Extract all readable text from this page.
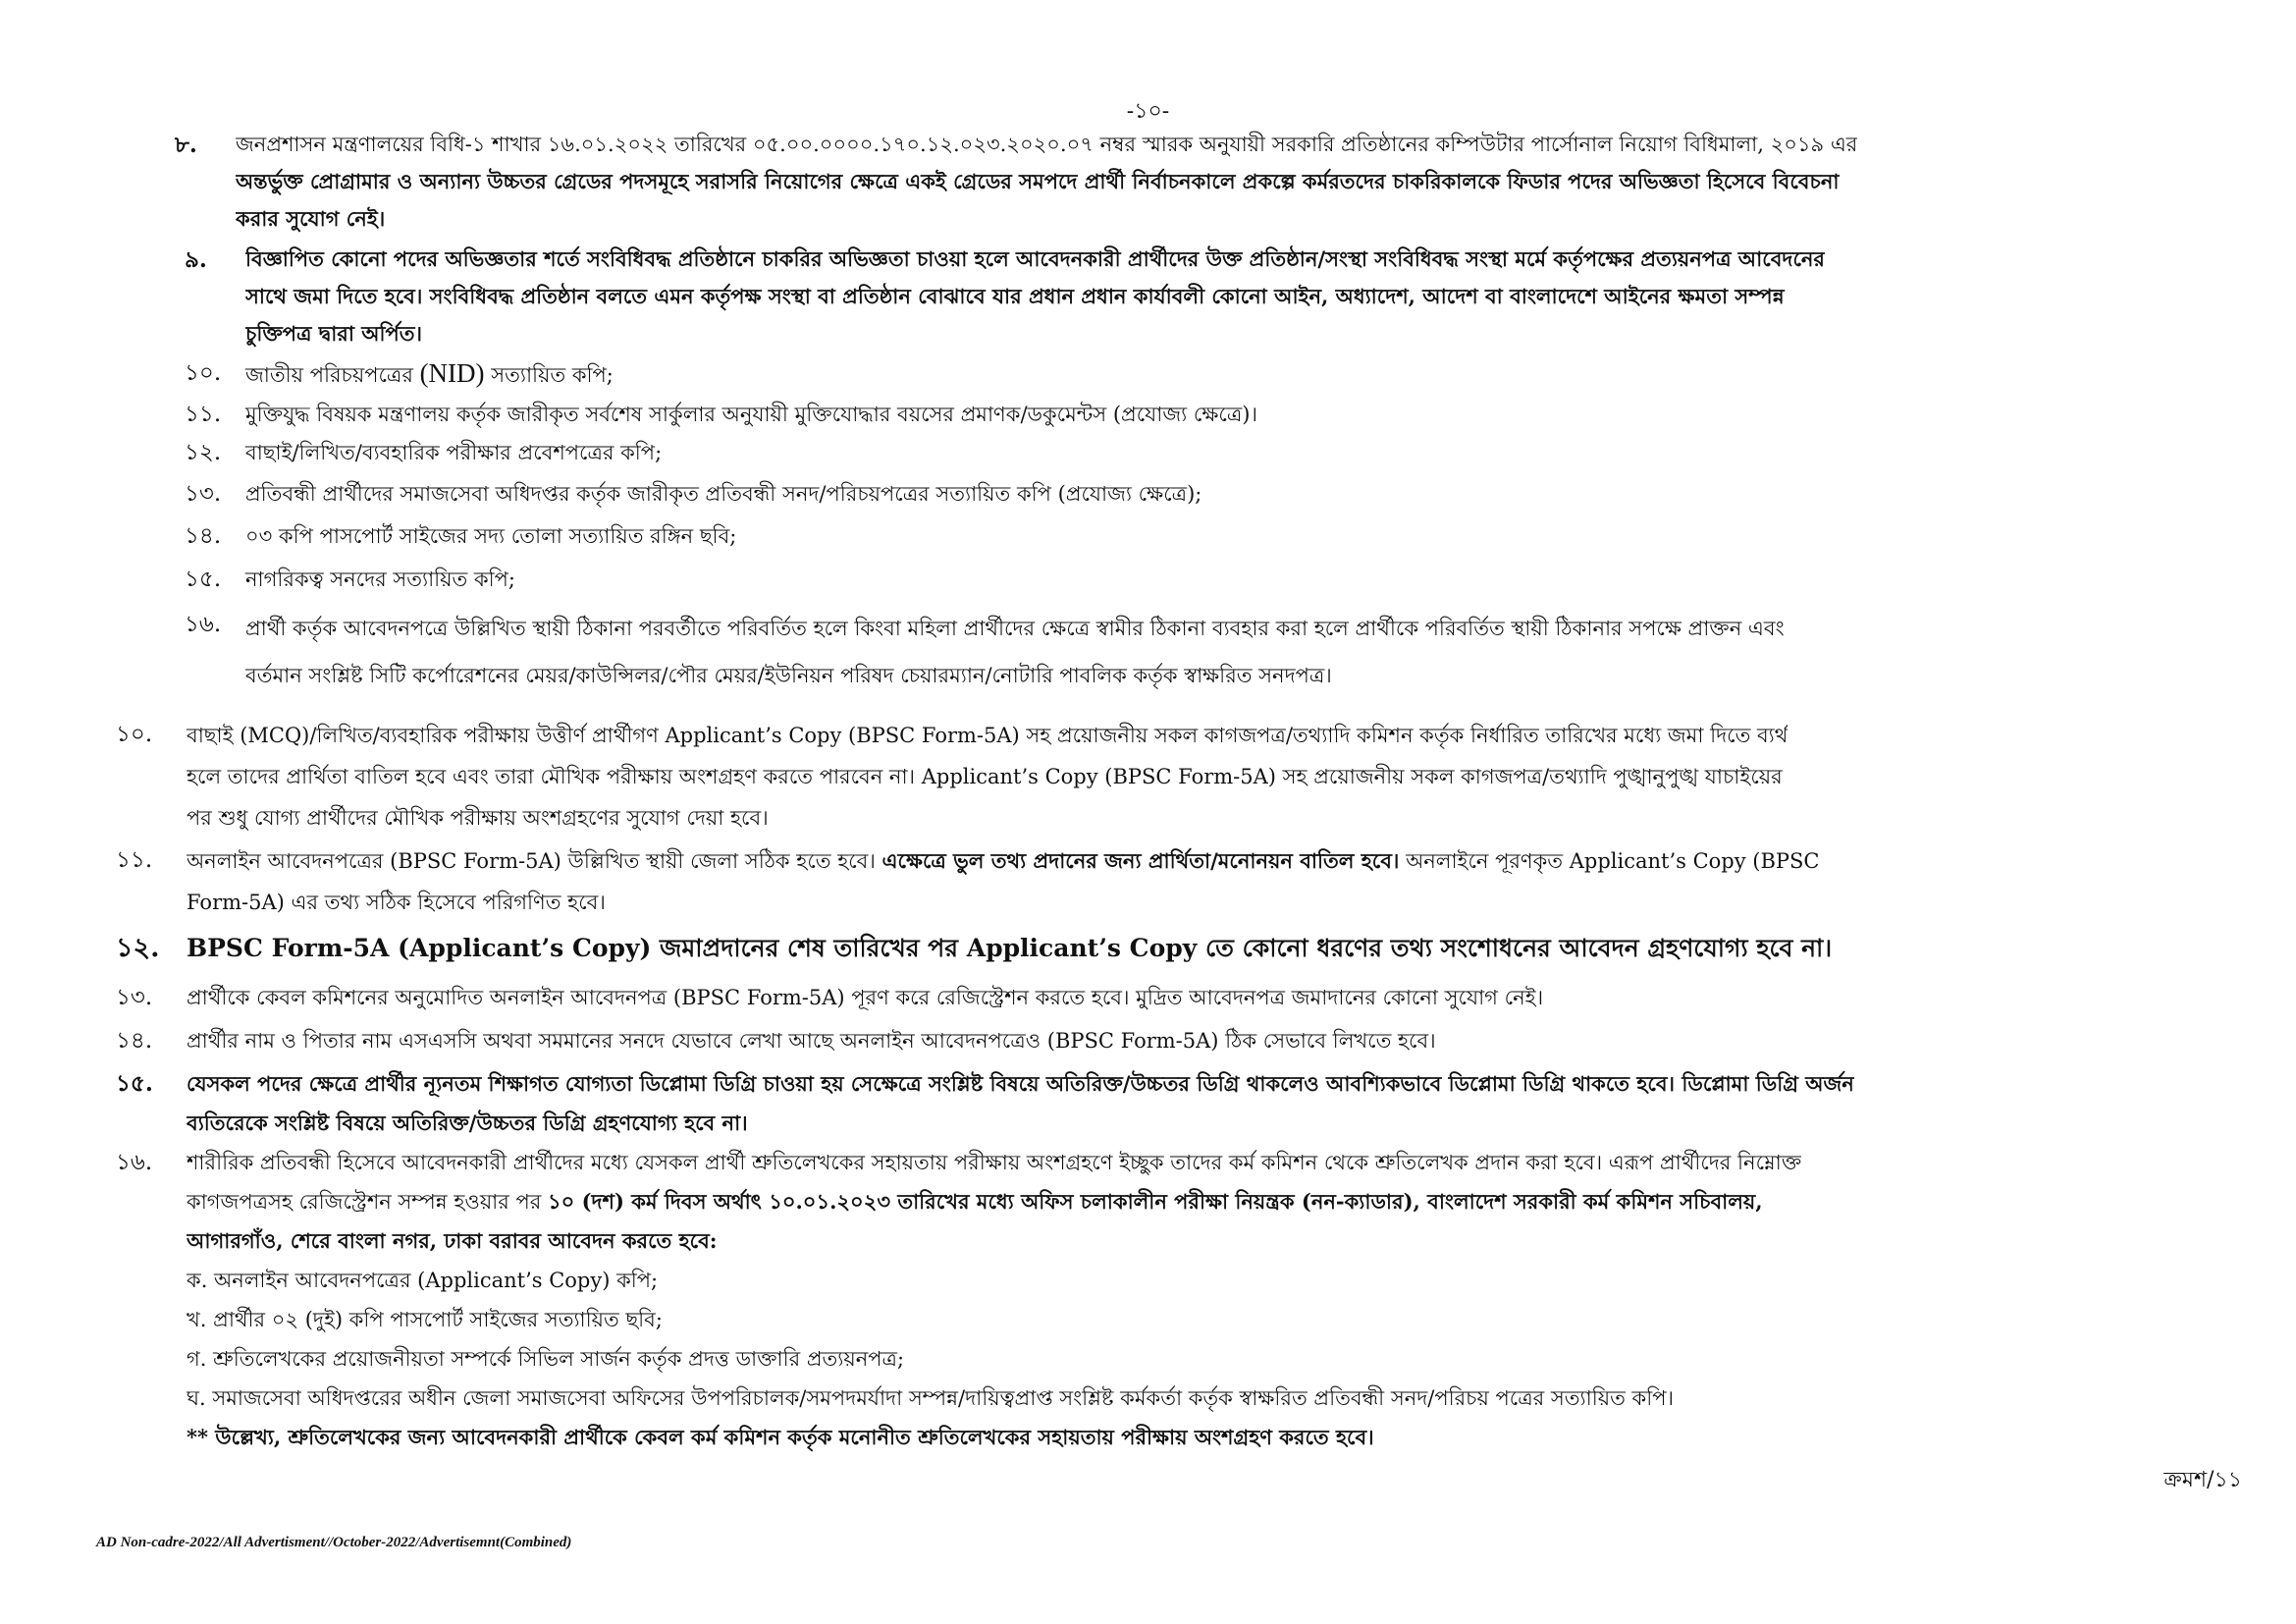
-১০-
৮. জনপ্রশাসন মন্ত্রণালয়ের বিধি-১ শাখার ১৬.০১.২০২২ তারিখের ০৫.০০.০০০০.১৭০.১২.০২৩.২০২০.০৭ নম্বর স্মারক অনুযায়ী সরকারি প্রতিষ্ঠানের কম্পিউটার পার্সোনাল নিয়োগ বিধিমালা, ২০১৯ এর
অন্তর্ভুক্ত প্রোগ্রামার ও অন্যান্য উচ্চতর গ্রেডের পদসমূহে সরাসরি নিয়োগের ক্ষেত্রে একই গ্রেডের সমপদে প্রার্থী নির্বাচনকালে প্রকল্পে কর্মরতদের চাকরিকালকে ফিডার পদের অভিজ্ঞতা হিসেবে বিবেচনা
করার সুযোগ নেই।
৯. বিজ্ঞাপিত কোনো পদের অভিজ্ঞতার শর্তে সংবিধিবদ্ধ প্রতিষ্ঠানে চাকরির অভিজ্ঞতা চাওয়া হলে আবেদনকারী প্রার্থীদের উক্ত প্রতিষ্ঠান/সংস্থা সংবিধিবদ্ধ সংস্থা মর্মে কর্তৃপক্ষের প্রত্যয়নপত্র আবেদনের
সাথে জমা দিতে হবে। সংবিধিবদ্ধ প্রতিষ্ঠান বলতে এমন কর্তৃপক্ষ সংস্থা বা প্রতিষ্ঠান বোঝাবে যার প্রধান প্রধান কার্যাবলী কোনো আইন, অধ্যাদেশ, আদেশ বা বাংলাদেশে আইনের ক্ষমতা সম্পন্ন
চুক্তিপত্র দ্বারা অর্পিত।
১০. জাতীয় পরিচয়পত্রের (NID) সত্যায়িত কপি;
১১. মুক্তিযুদ্ধ বিষয়ক মন্ত্রণালয় কর্তৃক জারীকৃত সর্বশেষ সার্কুলার অনুযায়ী মুক্তিযোদ্ধার বয়সের প্রমাণক/ডকুমেন্টস (প্রযোজ্য ক্ষেত্রে)।
১২. বাছাই/লিখিত/ব্যবহারিক পরীক্ষার প্রবেশপত্রের কপি;
১৩. প্রতিবন্ধী প্রার্থীদের সমাজসেবা অধিদপ্তর কর্তৃক জারীকৃত প্রতিবন্ধী সনদ/পরিচয়পত্রের সত্যায়িত কপি (প্রযোজ্য ক্ষেত্রে);
১৪. ০৩ কপি পাসপোর্ট সাইজের সদ্য তোলা সত্যায়িত রঙ্গিন ছবি;
১৫. নাগরিকত্ব সনদের সত্যায়িত কপি;
১৬. প্রার্থী কর্তৃক আবেদনপত্রে উল্লিখিত স্থায়ী ঠিকানা পরবর্তীতে পরিবর্তিত হলে কিংবা মহিলা প্রার্থীদের ক্ষেত্রে স্বামীর ঠিকানা ব্যবহার করা হলে প্রার্থীকে পরিবর্তিত স্থায়ী ঠিকানার সপক্ষে প্রাক্তন এবং
বর্তমান সংশ্লিষ্ট সিটি কর্পোরেশনের মেয়র/কাউন্সিলর/পৌর মেয়র/ইউনিয়ন পরিষদ চেয়ারম্যান/নোটারি পাবলিক কর্তৃক স্বাক্ষরিত সনদপত্র।
১০. বাছাই (MCQ)/লিখিত/ব্যবহারিক পরীক্ষায় উত্তীর্ণ প্রার্থীগণ Applicant’s Copy (BPSC Form-5A) সহ প্রয়োজনীয় সকল কাগজপত্র/তথ্যাদি কমিশন কর্তৃক নির্ধারিত তারিখের মধ্যে জমা দিতে ব্যর্থ
হলে তাদের প্রার্থিতা বাতিল হবে এবং তারা মৌখিক পরীক্ষায় অংশগ্রহণ করতে পারবেন না। Applicant’s Copy (BPSC Form-5A) সহ প্রয়োজনীয় সকল কাগজপত্র/তথ্যাদি পুঙ্খানুপুঙ্খ যাচাইয়ের
পর শুধু যোগ্য প্রার্থীদের মৌখিক পরীক্ষায় অংশগ্রহণের সুযোগ দেয়া হবে।
১১. অনলাইন আবেদনপত্রের (BPSC Form-5A) উল্লিখিত স্থায়ী জেলা সঠিক হতে হবে। এক্ষেত্রে ভুল তথ্য প্রদানের জন্য প্রার্থিতা/মনোনয়ন বাতিল হবে। অনলাইনে পূরণকৃত Applicant’s Copy (BPSC
Form-5A) এর তথ্য সঠিক হিসেবে পরিগণিত হবে।
১২. BPSC Form-5A (Applicant’s Copy) জমাপ্রদানের শেষ তারিখের পর Applicant’s Copy তে কোনো ধরণের তথ্য সংশোধনের আবেদন গ্রহণযোগ্য হবে না।
১৩. প্রার্থীকে কেবল কমিশনের অনুমোদিত অনলাইন আবেদনপত্র (BPSC Form-5A) পূরণ করে রেজিস্ট্রেশন করতে হবে। মুদ্রিত আবেদনপত্র জমাদানের কোনো সুযোগ নেই।
১৪. প্রার্থীর নাম ও পিতার নাম এসএসসি অথবা সমমানের সনদে যেভাবে লেখা আছে অনলাইন আবেদনপত্রেও (BPSC Form-5A) ঠিক সেভাবে লিখতে হবে।
১৫. যেসকল পদের ক্ষেত্রে প্রার্থীর ন্যূনতম শিক্ষাগত যোগ্যতা ডিপ্লোমা ডিগ্রি চাওয়া হয় সেক্ষেত্রে সংশ্লিষ্ট বিষয়ে অতিরিক্ত/উচ্চতর ডিগ্রি থাকলেও আবশ্যিকভাবে ডিপ্লোমা ডিগ্রি থাকতে হবে। ডিপ্লোমা ডিগ্রি অর্জন
ব্যতিরেকে সংশ্লিষ্ট বিষয়ে অতিরিক্ত/উচ্চতর ডিগ্রি গ্রহণযোগ্য হবে না।
১৬. শারীরিক প্রতিবন্ধী হিসেবে আবেদনকারী প্রার্থীদের মধ্যে যেসকল প্রার্থী শ্রুতিলেখকের সহায়তায় পরীক্ষায় অংশগ্রহণে ইচ্ছুক তাদের কর্ম কমিশন থেকে শ্রুতিলেখক প্রদান করা হবে। এরূপ প্রার্থীদের নিম্নোক্ত
কাগজপত্রসহ রেজিস্ট্রেশন সম্পন্ন হওয়ার পর ১০ (দশ) কর্ম দিবস অর্থাৎ ১০.০১.২০২৩ তারিখের মধ্যে অফিস চলাকালীন পরীক্ষা নিয়ন্ত্রক (নন-ক্যাডার), বাংলাদেশ সরকারী কর্ম কমিশন সচিবালয়,
আগারগাঁও, শেরে বাংলা নগর, ঢাকা বরাবর আবেদন করতে হবে:
ক. অনলাইন আবেদনপত্রের (Applicant’s Copy) কপি;
খ. প্রার্থীর ০২ (দুই) কপি পাসপোর্ট সাইজের সত্যায়িত ছবি;
গ. শ্রুতিলেখকের প্রয়োজনীয়তা সম্পর্কে সিভিল সার্জন কর্তৃক প্রদত্ত ডাক্তারি প্রত্যয়নপত্র;
ঘ. সমাজসেবা অধিদপ্তরের অধীন জেলা সমাজসেবা অফিসের উপপরিচালক/সমপদমর্যাদা সম্পন্ন/দায়িত্বপ্রাপ্ত সংশ্লিষ্ট কর্মকর্তা কর্তৃক স্বাক্ষরিত প্রতিবন্ধী সনদ/পরিচয় পত্রের সত্যায়িত কপি।
** উল্লেখ্য, শ্রুতিলেখকের জন্য আবেদনকারী প্রার্থীকে কেবল কর্ম কমিশন কর্তৃক মনোনীত শ্রুতিলেখকের সহায়তায় পরীক্ষায় অংশগ্রহণ করতে হবে।
ক্রমশ/১১
AD Non-cadre-2022/All Advertisment//October-2022/Advertisemnt(Combined)
